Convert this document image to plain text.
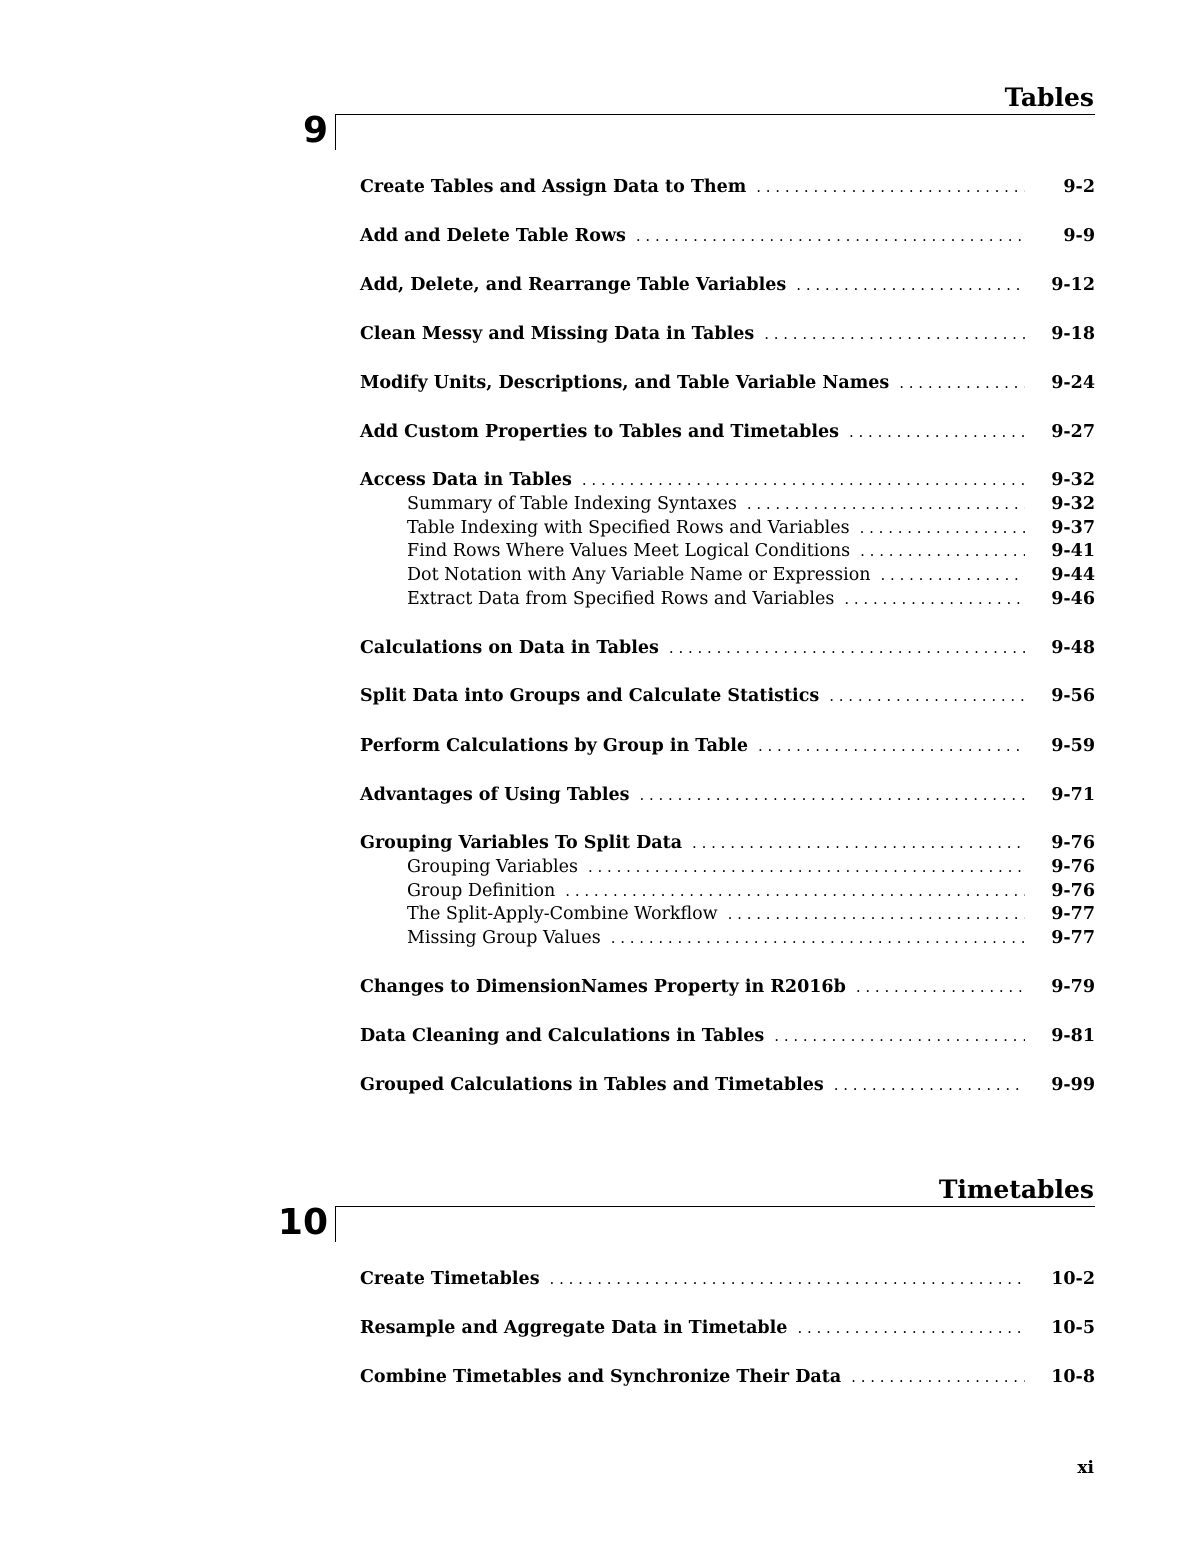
Tables
9
Create Tables and Assign Data to Them . . .	9-2
Add and Delete Table Rows . . .	9-9
Add, Delete, and Rearrange Table Variables . . .	9-12
Clean Messy and Missing Data in Tables . . .	9-18
Modify Units, Descriptions, and Table Variable Names . . .	9-24
Add Custom Properties to Tables and Timetables . . .	9-27
Access Data in Tables . . .	9-32
Summary of Table Indexing Syntaxes . . .	9-32
Table Indexing with Specified Rows and Variables . . .	9-37
Find Rows Where Values Meet Logical Conditions . . .	9-41
Dot Notation with Any Variable Name or Expression . . .	9-44
Extract Data from Specified Rows and Variables . . .	9-46
Calculations on Data in Tables . . .	9-48
Split Data into Groups and Calculate Statistics . . .	9-56
Perform Calculations by Group in Table . . .	9-59
Advantages of Using Tables . . .	9-71
Grouping Variables To Split Data . . .	9-76
Grouping Variables . . .	9-76
Group Definition . . .	9-76
The Split-Apply-Combine Workflow . . .	9-77
Missing Group Values . . .	9-77
Changes to DimensionNames Property in R2016b . . .	9-79
Data Cleaning and Calculations in Tables . . .	9-81
Grouped Calculations in Tables and Timetables . . .	9-99
Timetables
10
Create Timetables . . .	10-2
Resample and Aggregate Data in Timetable . . .	10-5
Combine Timetables and Synchronize Their Data . . .	10-8
xi
